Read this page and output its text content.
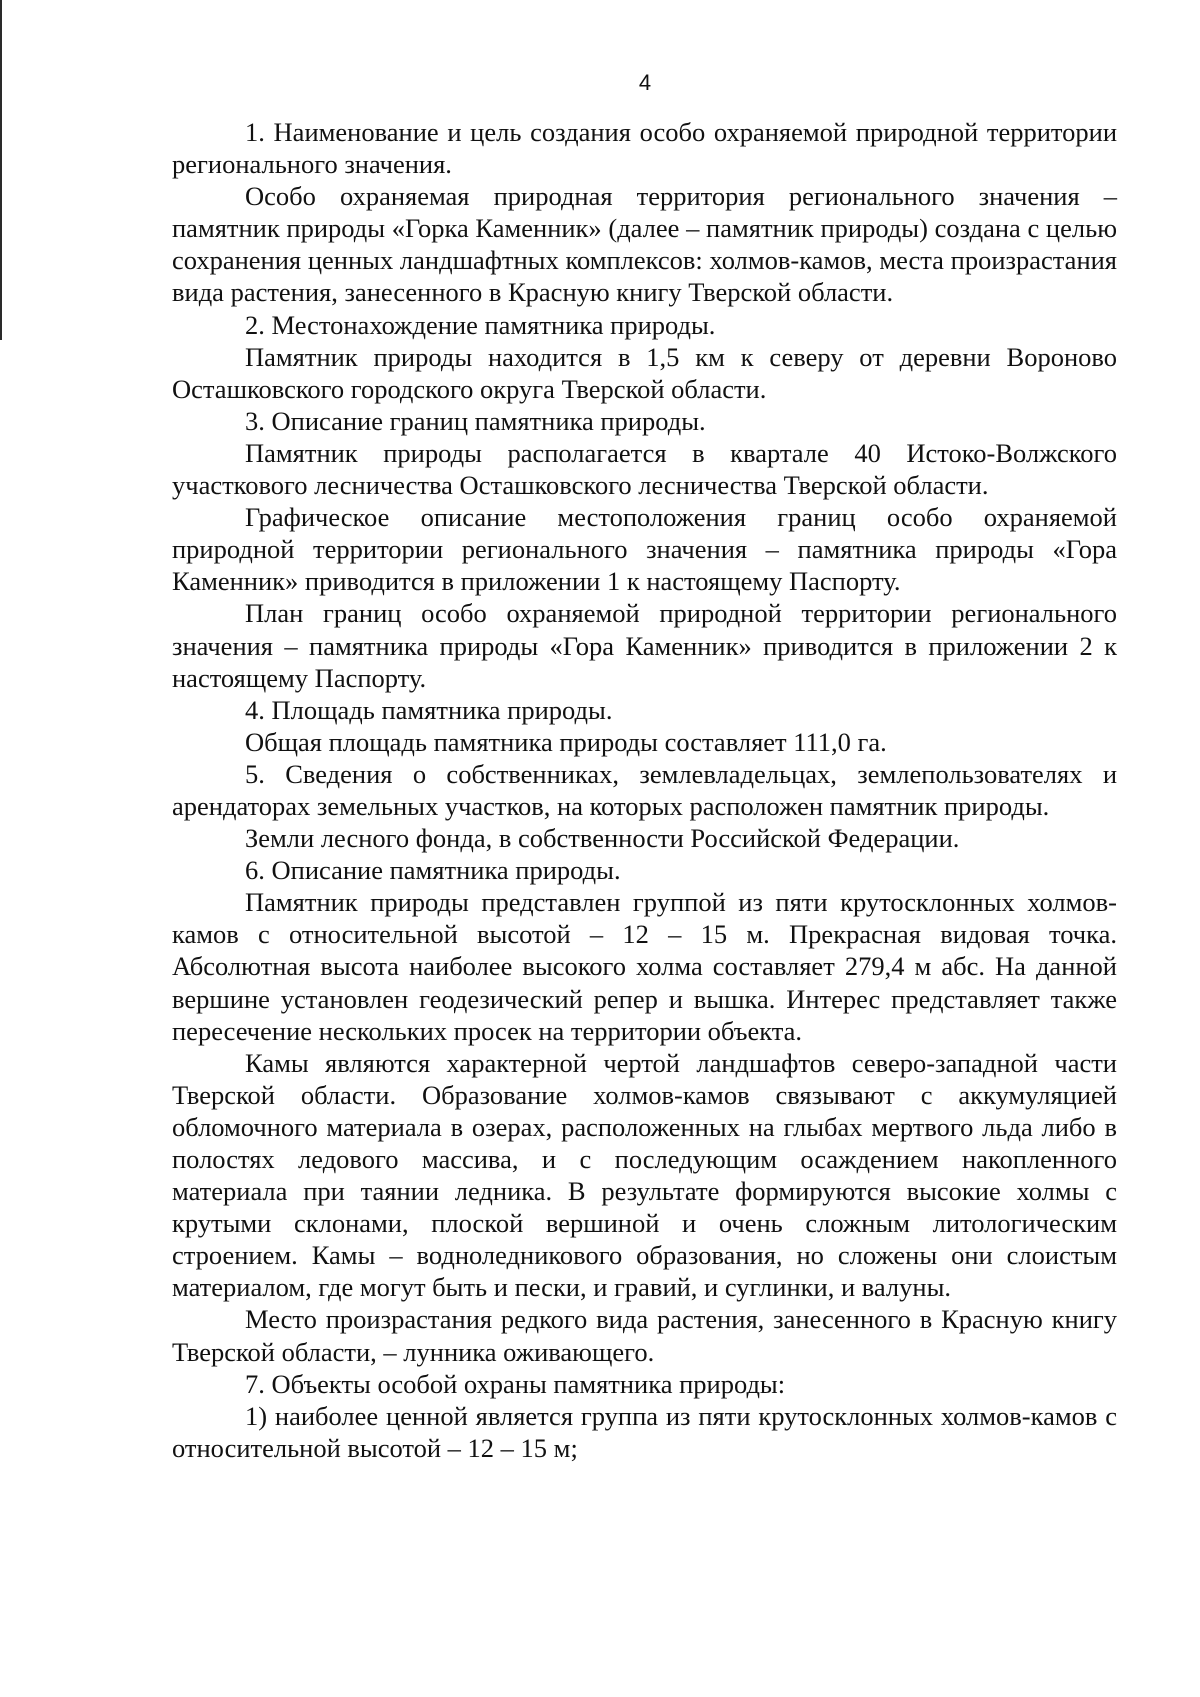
4

1. Наименование и цель создания особо охраняемой природной территории регионального значения.

Особо охраняемая природная территория регионального значения – памятник природы «Горка Каменник» (далее – памятник природы) создана с целью сохранения ценных ландшафтных комплексов: холмов-камов, места произрастания вида растения, занесенного в Красную книгу Тверской области.

2. Местонахождение памятника природы.

Памятник природы находится в 1,5 км к северу от деревни Вороново Осташковского городского округа Тверской области.

3. Описание границ памятника природы.

Памятник природы располагается в квартале 40 Истоко-Волжского участкового лесничества Осташковского лесничества Тверской области.

Графическое описание местоположения границ особо охраняемой природной территории регионального значения – памятника природы «Гора Каменник» приводится в приложении 1 к настоящему Паспорту.

План границ особо охраняемой природной территории регионального значения – памятника природы «Гора Каменник» приводится в приложении 2 к настоящему Паспорту.

4. Площадь памятника природы.

Общая площадь памятника природы составляет 111,0 га.

5. Сведения о собственниках, землевладельцах, землепользователях и арендаторах земельных участков, на которых расположен памятник природы.

Земли лесного фонда, в собственности Российской Федерации.

6. Описание памятника природы.

Памятник природы представлен группой из пяти крутосклонных холмов-камов с относительной высотой – 12 – 15 м. Прекрасная видовая точка. Абсолютная высота наиболее высокого холма составляет 279,4 м абс. На данной вершине установлен геодезический репер и вышка. Интерес представляет также пересечение нескольких просек на территории объекта.

Камы являются характерной чертой ландшафтов северо-западной части Тверской области. Образование холмов-камов связывают с аккумуляцией обломочного материала в озерах, расположенных на глыбах мертвого льда либо в полостях ледового массива, и с последующим осаждением накопленного материала при таянии ледника. В результате формируются высокие холмы с крутыми склонами, плоской вершиной и очень сложным литологическим строением. Камы – водноледникового образования, но сложены они слоистым материалом, где могут быть и пески, и гравий, и суглинки, и валуны.

Место произрастания редкого вида растения, занесенного в Красную книгу Тверской области, – лунника оживающего.

7. Объекты особой охраны памятника природы:

1) наиболее ценной является группа из пяти крутосклонных холмов-камов с относительной высотой – 12 – 15 м;
